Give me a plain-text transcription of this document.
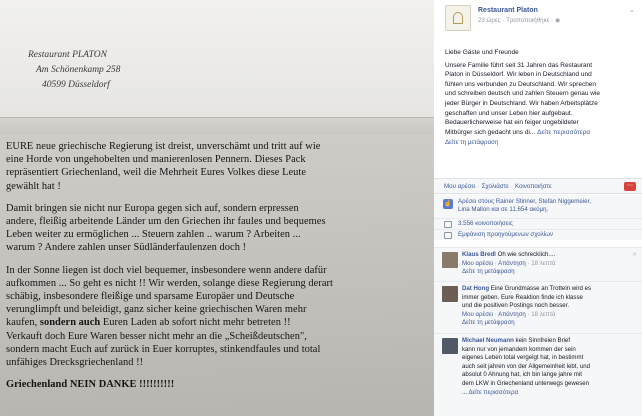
Restaurant PLATON
Am Schönenkamp 258
40599 Düsseldorf

EURE neue griechische Regierung ist dreist, unverschämt und tritt auf wie
eine Horde von ungehobelten und manierenlosen Pennern. Dieses Pack
repräsentiert Griechenland, weil die Mehrheit Eures Volkes diese Leute
gewählt hat !

Damit bringen sie nicht nur Europa gegen sich auf, sondern erpressen
andere, fleißig arbeitende Länder um den Griechen ihr faules und bequemes
Leben weiter zu ermöglichen ... Steuern zahlen .. warum ? Arbeiten ...
warum ? Andere zahlen unser Südländerfaulenzen doch !

In der Sonne liegen ist doch viel bequemer, insbesondere wenn andere dafür
aufkommen ... So geht es nicht !! Wir werden, solange diese Regierung derart
schäbig, insbesondere fleißige und sparsame Europäer und Deutsche
verunglimpft und beleidigt, ganz sicher keine griechischen Waren mehr
kaufen, sondern auch Euren Laden ab sofort nicht mehr betreten !!
Verkauft doch Eure Waren besser nicht mehr an die „Scheißdeutschen",
sondern macht Euch auf zurück in Euer korruptes, stinkendfaules und total
unfähiges Drecksgriechenland !!

Griechenland NEIN DANKE !!!!!!!!!!

Restaurant Platon
23 ώρες · Τροποποιήθηκε · ◉
⌄
Liebe Gäste und Freunde
Unsere Familie führt seit 31 Jahren das Restaurant
Platon in Düsseldorf. Wir leben in Deutschland und
fühlen uns verbunden zu Deutschland. Wir sprechen
und schreiben deutsch und zahlen Steuern genau wie
jeder Bürger in Deutschland. Wir haben Arbeitsplätze
geschaffen und unser Leben hier aufgebaut.
Bedauerlicherweise hat ein feiger ungebildeter
Mitbürger sich gedacht uns di... Δείτε περισσότερα
Δείτε τη μετάφραση
Μου αρέσει · Σχολιάστε · Κοινοποιήστε	⋯
☝ Αρέσει στους Rainer Stinner, Stefan Niggemeier,
Lina Mallon και σε 11.654 ακόμη.
3.556 κοινοποιήσεις
Εμφάνιση προηγούμενων σχολίων
Klaus Bredl Oh wie schrecklich....
Μου αρέσει · Απάντηση · 18 λεπτά
Δείτε τη μετάφραση
✕
Dat Hong Eine Grundmasse an Trotteln wird es
immer geben. Eure Reaktion finde ich klasse
und die positiven Postings noch besser.
Μου αρέσει · Απάντηση · 18 λεπτά
Δείτε τη μετάφραση
Michael Neumann kein Sinnfreien Brief
kann nur von jemandem kommen der sein
eigenes Leben total vergeigt hat, in bestimmt
auch seit jahren von der Allgemeinheit lebt, und
absolut 0 Ahnung hat, ich bin lange jahre mit
dem LKW in Griechenland unterwegs gewesen
... Δείτε περισσότερα
